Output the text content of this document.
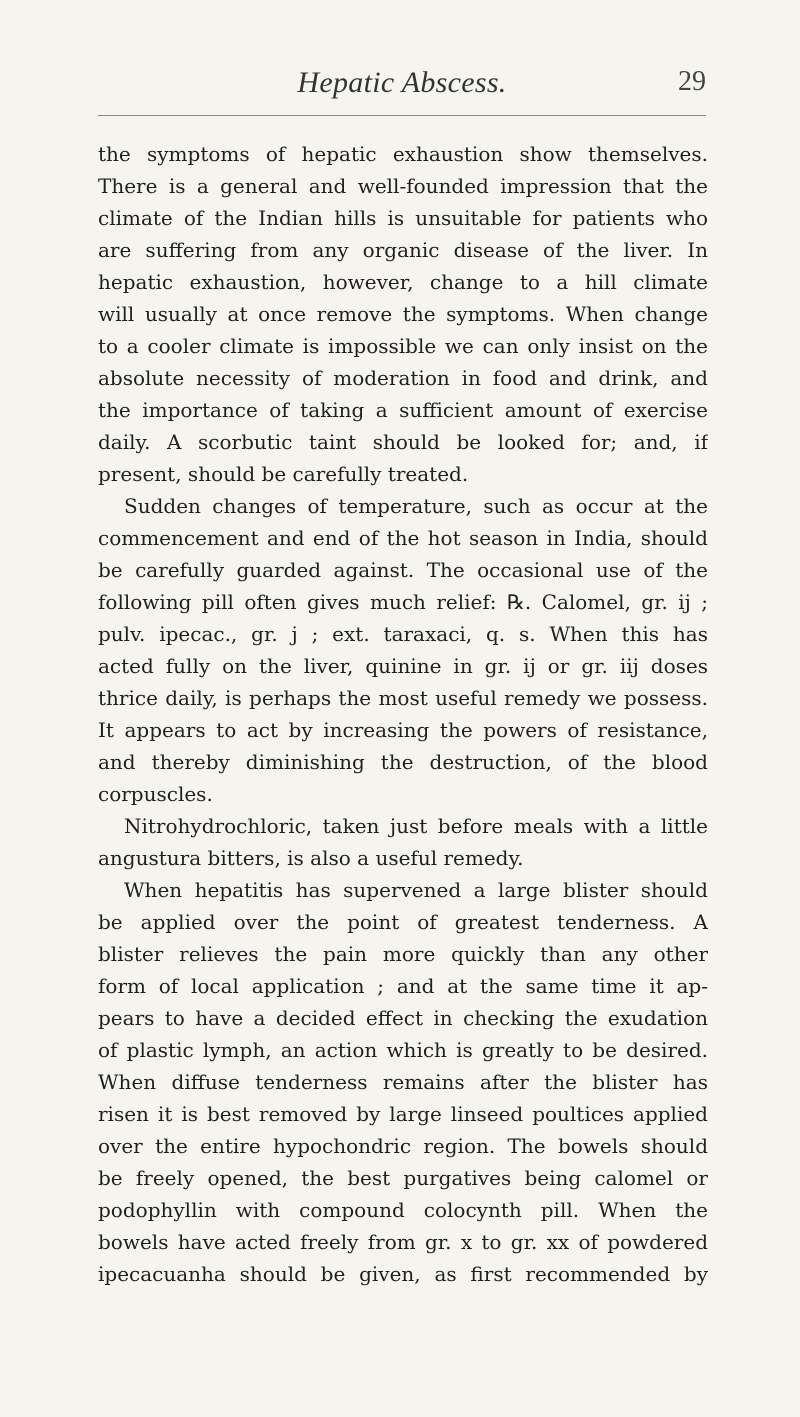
Hepatic Abscess.	29
the symptoms of hepatic exhaustion show themselves.
There is a general and well-founded impression that the
climate of the Indian hills is unsuitable for patients who
are suffering from any organic disease of the liver. In
hepatic exhaustion, however, change to a hill climate
will usually at once remove the symptoms. When change
to a cooler climate is impossible we can only insist on the
absolute necessity of moderation in food and drink, and
the importance of taking a sufficient amount of exercise
daily. A scorbutic taint should be looked for; and, if
present, should be carefully treated.
Sudden changes of temperature, such as occur at the
commencement and end of the hot season in India, should
be carefully guarded against. The occasional use of the
following pill often gives much relief: ℞. Calomel, gr. ij ;
pulv. ipecac., gr. j ; ext. taraxaci, q. s. When this has
acted fully on the liver, quinine in gr. ij or gr. iij doses
thrice daily, is perhaps the most useful remedy we possess.
It appears to act by increasing the powers of resistance,
and thereby diminishing the destruction, of the blood
corpuscles.
Nitrohydrochloric, taken just before meals with a little
angustura bitters, is also a useful remedy.
When hepatitis has supervened a large blister should
be applied over the point of greatest tenderness. A
blister relieves the pain more quickly than any other
form of local application ; and at the same time it ap-
pears to have a decided effect in checking the exudation
of plastic lymph, an action which is greatly to be desired.
When diffuse tenderness remains after the blister has
risen it is best removed by large linseed poultices applied
over the entire hypochondric region. The bowels should
be freely opened, the best purgatives being calomel or
podophyllin with compound colocynth pill. When the
bowels have acted freely from gr. x to gr. xx of powdered
ipecacuanha should be given, as first recommended by
